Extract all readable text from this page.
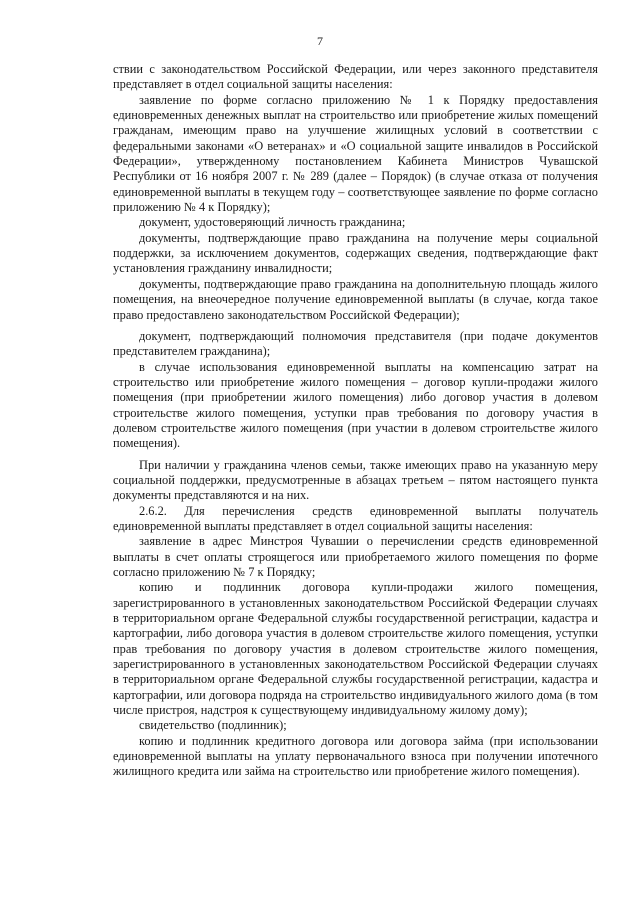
7

ствии с законодательством Российской Федерации, или через законного представителя представляет в отдел социальной защиты населения:

заявление по форме согласно приложению № 1 к Порядку предоставления единовременных денежных выплат на строительство или приобретение жилых помещений гражданам, имеющим право на улучшение жилищных условий в соответствии с федеральными законами «О ветеранах» и «О социальной защите инвалидов в Российской Федерации», утвержденному постановлением Кабинета Министров Чувашской Республики от 16 ноября 2007 г. № 289 (далее – Порядок) (в случае отказа от получения единовременной выплаты в текущем году – соответствующее заявление по форме согласно приложению № 4 к Порядку);

документ, удостоверяющий личность гражданина;

документы, подтверждающие право гражданина на получение меры социальной поддержки, за исключением документов, содержащих сведения, подтверждающие факт установления гражданину инвалидности;

документы, подтверждающие право гражданина на дополнительную площадь жилого помещения, на внеочередное получение единовременной выплаты (в случае, когда такое право предоставлено законодательством Российской Федерации);

документ, подтверждающий полномочия представителя (при подаче документов представителем гражданина);

в случае использования единовременной выплаты на компенсацию затрат на строительство или приобретение жилого помещения – договор купли-продажи жилого помещения (при приобретении жилого помещения) либо договор участия в долевом строительстве жилого помещения, уступки прав требования по договору участия в долевом строительстве жилого помещения (при участии в долевом строительстве жилого помещения).

При наличии у гражданина членов семьи, также имеющих право на указанную меру социальной поддержки, предусмотренные в абзацах третьем – пятом настоящего пункта документы представляются и на них.

2.6.2. Для перечисления средств единовременной выплаты получатель единовременной выплаты представляет в отдел социальной защиты населения:

заявление в адрес Минстроя Чувашии о перечислении средств единовременной выплаты в счет оплаты строящегося или приобретаемого жилого помещения по форме согласно приложению № 7 к Порядку;

копию и подлинник договора купли-продажи жилого помещения, зарегистрированного в установленных законодательством Российской Федерации случаях в территориальном органе Федеральной службы государственной регистрации, кадастра и картографии, либо договора участия в долевом строительстве жилого помещения, уступки прав требования по договору участия в долевом строительстве жилого помещения, зарегистрированного в установленных законодательством Российской Федерации случаях в территориальном органе Федеральной службы государственной регистрации, кадастра и картографии, или договора подряда на строительство индивидуального жилого дома (в том числе пристроя, надстроя к существующему индивидуальному жилому дому);

свидетельство (подлинник);

копию и подлинник кредитного договора или договора займа (при использовании единовременной выплаты на уплату первоначального взноса при получении ипотечного жилищного кредита или займа на строительство или приобретение жилого помещения).
